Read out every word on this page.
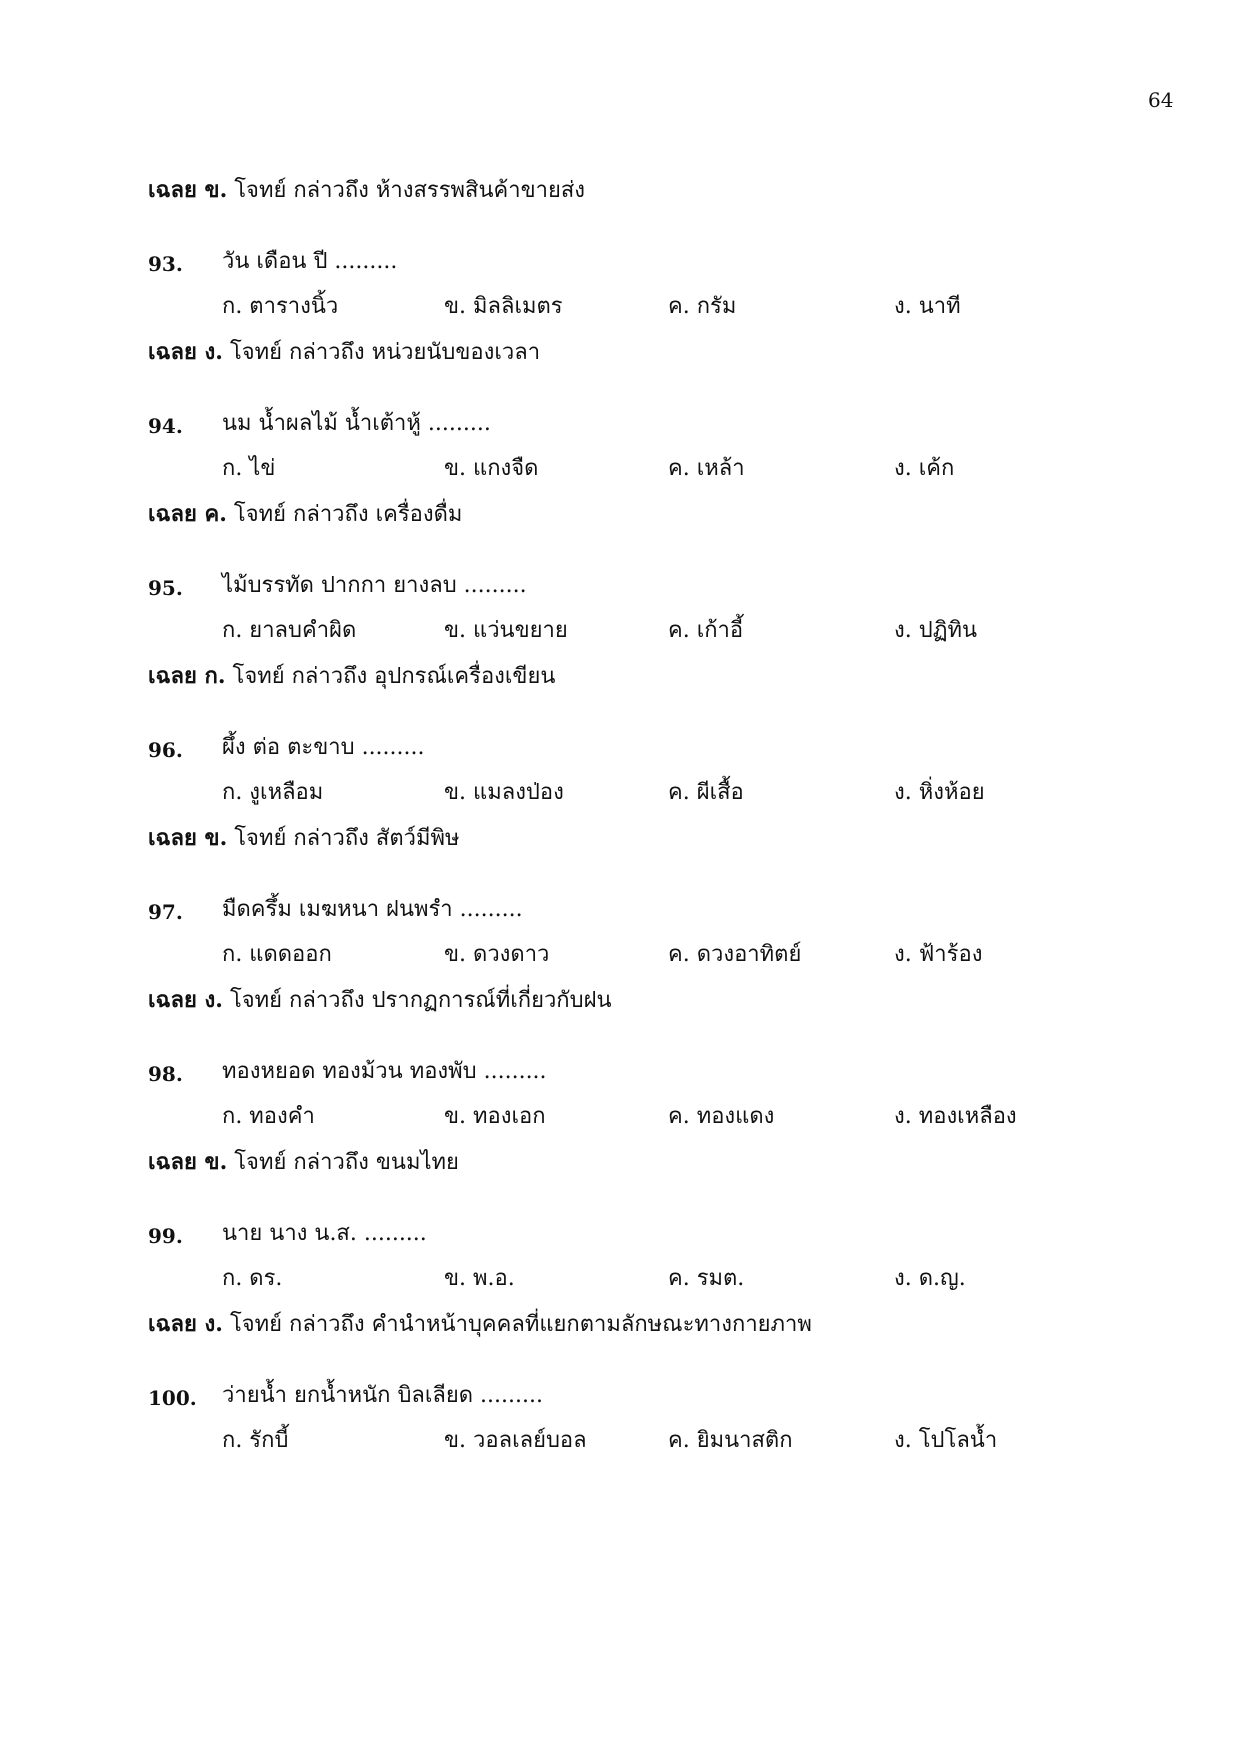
64
เฉลย ข. โจทย์ กล่าวถึง ห้างสรรพสินค้าขายส่ง
93. วัน เดือน ปี .........
ก. ตารางนิ้ว	ข. มิลลิเมตร	ค. กรัม	ง. นาที
เฉลย ง. โจทย์ กล่าวถึง หน่วยนับของเวลา
94. นม น้ำผลไม้ น้ำเต้าหู้ .........
ก. ไข่	ข. แกงจืด	ค. เหล้า	ง. เค้ก
เฉลย ค. โจทย์ กล่าวถึง เครื่องดื่ม
95. ไม้บรรทัด ปากกา ยางลบ .........
ก. ยาลบคำผิด	ข. แว่นขยาย	ค. เก้าอี้	ง. ปฏิทิน
เฉลย ก. โจทย์ กล่าวถึง อุปกรณ์เครื่องเขียน
96. ผึ้ง ต่อ ตะขาบ .........
ก. งูเหลือม	ข. แมลงป่อง	ค. ผีเสื้อ	ง. หิ่งห้อย
เฉลย ข. โจทย์ กล่าวถึง สัตว์มีพิษ
97. มืดครึ้ม เมฆหนา ฝนพรำ .........
ก. แดดออก	ข. ดวงดาว	ค. ดวงอาทิตย์	ง. ฟ้าร้อง
เฉลย ง. โจทย์ กล่าวถึง ปรากฏการณ์ที่เกี่ยวกับฝน
98. ทองหยอด ทองม้วน ทองพับ .........
ก. ทองคำ	ข. ทองเอก	ค. ทองแดง	ง. ทองเหลือง
เฉลย ข. โจทย์ กล่าวถึง ขนมไทย
99. นาย นาง น.ส. .........
ก. ดร.	ข. พ.อ.	ค. รมต.	ง. ด.ญ.
เฉลย ง. โจทย์ กล่าวถึง คำนำหน้าบุคคลที่แยกตามลักษณะทางกายภาพ
100. ว่ายน้ำ ยกน้ำหนัก บิลเลียด .........
ก. รักบี้	ข. วอลเลย์บอล	ค. ยิมนาสติก	ง. โปโลน้ำ
